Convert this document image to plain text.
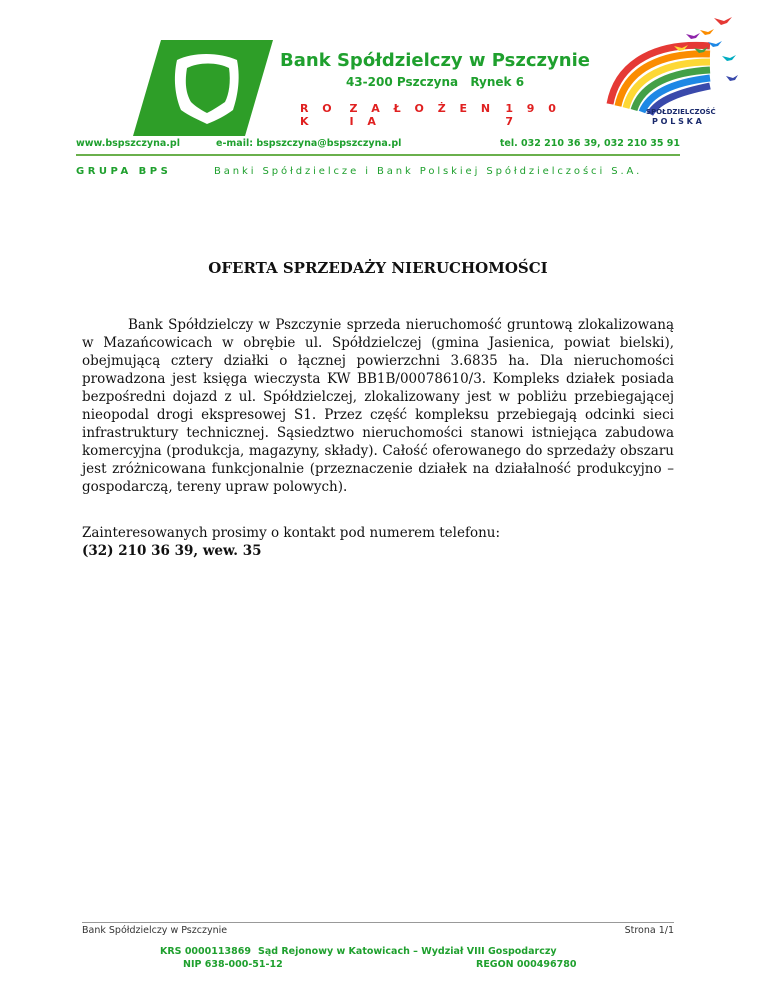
Bank Spółdzielczy w Pszczynie
43-200 Pszczyna Rynek 6
R O K
Z A Ł O Ż E N I A
1 9 0 7
SPÓŁDZIELCZOŚĆ
P O L S K A
www.bspszczyna.pl	e-mail: bspszczyna@bspszczyna.pl	tel. 032 210 36 39, 032 210 35 91
GRUPA BPS	Banki Spółdzielcze i Bank Polskiej Spółdzielczości S.A.
OFERTA SPRZEDAŻY NIERUCHOMOŚCI

Bank Spółdzielczy w Pszczynie sprzeda nieruchomość gruntową zlokalizowaną w Mazańcowicach w obrębie ul. Spółdzielczej (gmina Jasienica, powiat bielski), obejmującą cztery działki o łącznej powierzchni 3.6835 ha. Dla nieruchomości prowadzona jest księga wieczysta KW BB1B/00078610/3. Kompleks działek posiada bezpośredni dojazd z ul. Spółdzielczej, zlokalizowany jest w pobliżu przebiegającej nieopodal drogi ekspresowej S1. Przez część kompleksu przebiegają odcinki sieci infrastruktury technicznej. Sąsiedztwo nieruchomości stanowi istniejąca zabudowa komercyjna (produkcja, magazyny, składy). Całość oferowanego do sprzedaży obszaru jest zróżnicowana funkcjonalnie (przeznaczenie działek na działalność produkcyjno – gospodarczą, tereny upraw polowych).

Zainteresowanych prosimy o kontakt pod numerem telefonu:
(32) 210 36 39, wew. 35
Bank Spółdzielczy w Pszczynie	Strona 1/1
KRS 0000113869 Sąd Rejonowy w Katowicach – Wydział VIII Gospodarczy
NIP 638-000-51-12	REGON 000496780
